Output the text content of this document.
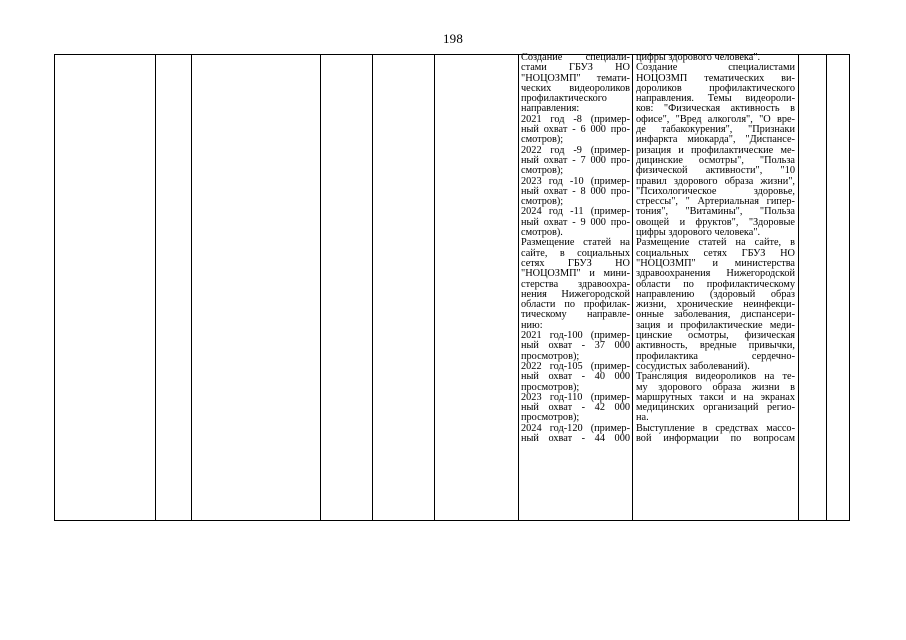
198
Создание специали-
стами ГБУЗ НО
"НОЦОЗМП" темати-
ческих видеороликов
профилактического
направления:
2021 год -8 (пример-
ный охват - 6 000 про-
смотров);
2022 год -9 (пример-
ный охват - 7 000 про-
смотров);
2023 год -10 (пример-
ный охват - 8 000 про-
смотров);
2024 год -11 (пример-
ный охват - 9 000 про-
смотров).
Размещение статей на
сайте, в социальных
сетях ГБУЗ НО
"НОЦОЗМП" и мини-
стерства здравоохра-
нения Нижегородской
области по профилак-
тическому направле-
нию:
2021 год-100 (пример-
ный охват - 37 000
просмотров);
2022 год-105 (пример-
ный охват - 40 000
просмотров);
2023 год-110 (пример-
ный охват - 42 000
просмотров);
2024 год-120 (пример-
ный охват - 44 000
цифры здорового человека".
Создание специалистами
НОЦОЗМП тематических ви-
дороликов профилактического
направления. Темы видеороли-
ков: "Физическая активность в
офисе", "Вред алкоголя", "О вре-
де табакокурения", "Признаки
инфаркта миокарда", "Диспансе-
ризация и профилактические ме-
дицинские осмотры", "Польза
физической активности", "10
правил здорового образа жизни",
"Психологическое здоровье,
стрессы", " Артериальная гипер-
тония", "Витамины", "Польза
овощей и фруктов", "Здоровые
цифры здорового человека".
Размещение статей на сайте, в
социальных сетях ГБУЗ НО
"НОЦОЗМП" и министерства
здравоохранения Нижегородской
области по профилактическому
направлению (здоровый образ
жизни, хронические неинфекци-
онные заболевания, диспансери-
зация и профилактические меди-
цинские осмотры, физическая
активность, вредные привычки,
профилактика сердечно-
сосудистых заболеваний).
Трансляция видеороликов на те-
му здорового образа жизни в
маршрутных такси и на экранах
медицинских организаций регио-
на.
Выступление в средствах массо-
вой информации по вопросам
